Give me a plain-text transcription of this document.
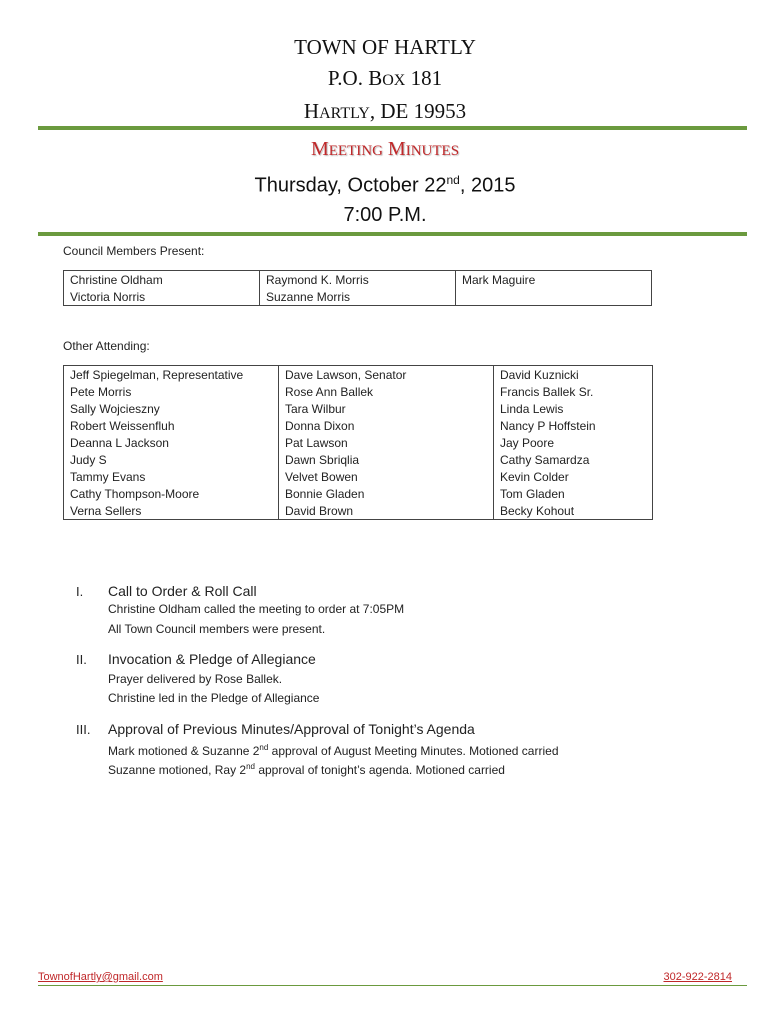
TOWN OF HARTLY
P.O. BOX 181
HARTLY, DE 19953
MEETING MINUTES
Thursday, October 22nd, 2015
7:00 P.M.
Council Members Present:
Christine Oldham	Raymond K. Morris	Mark Maguire
Victoria Norris	Suzanne Morris	
Other Attending:
Jeff Spiegelman, Representative	Dave Lawson, Senator	David Kuznicki
Pete Morris	Rose Ann Ballek	Francis Ballek Sr.
Sally Wojcieszny	Tara Wilbur	Linda Lewis
Robert Weissenfluh	Donna Dixon	Nancy P Hoffstein
Deanna L Jackson	Pat Lawson	Jay Poore
Judy S	Dawn Sbriqlia	Cathy Samardza
Tammy Evans	Velvet Bowen	Kevin Colder
Cathy Thompson-Moore	Bonnie Gladen	Tom Gladen
Verna Sellers	David Brown	Becky Kohout
I. Call to Order & Roll Call
Christine Oldham called the meeting to order at 7:05PM
All Town Council members were present.
II. Invocation & Pledge of Allegiance
Prayer delivered by Rose Ballek.
Christine led in the Pledge of Allegiance
III. Approval of Previous Minutes/Approval of Tonight’s Agenda
Mark motioned & Suzanne 2nd approval of August Meeting Minutes. Motioned carried
Suzanne motioned, Ray 2nd approval of tonight’s agenda. Motioned carried
TownofHartly@gmail.com	302-922-2814
